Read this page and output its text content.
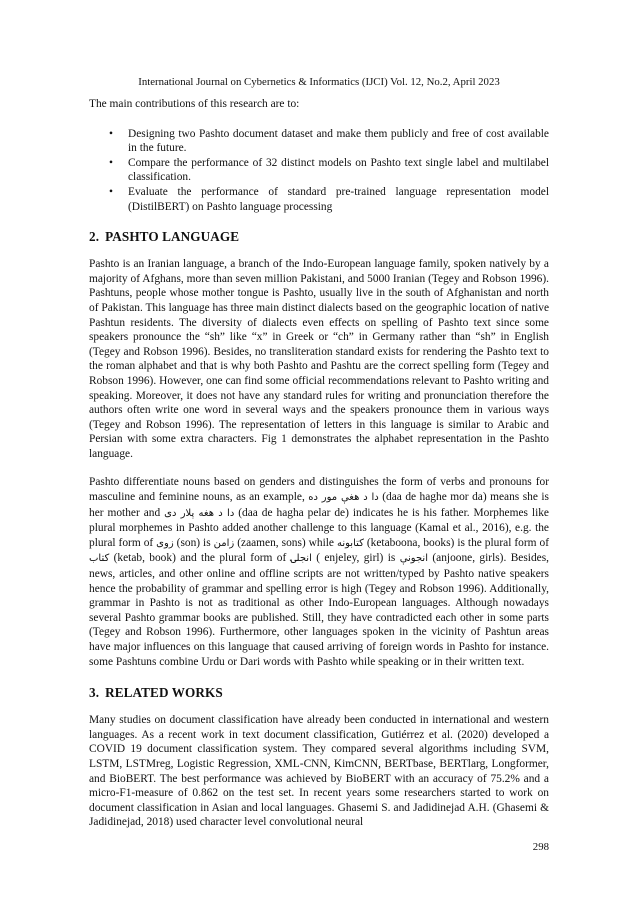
International Journal on Cybernetics & Informatics (IJCI) Vol. 12, No.2, April 2023

The main contributions of this research are to:

• Designing two Pashto document dataset and make them publicly and free of cost available in the future.
• Compare the performance of 32 distinct models on Pashto text single label and multilabel classification.
• Evaluate the performance of standard pre-trained language representation model (DistilBERT) on Pashto language processing
2. PASHTO LANGUAGE

Pashto is an Iranian language, a branch of the Indo-European language family, spoken natively by a majority of Afghans, more than seven million Pakistani, and 5000 Iranian (Tegey and Robson 1996). Pashtuns, people whose mother tongue is Pashto, usually live in the south of Afghanistan and north of Pakistan. This language has three main distinct dialects based on the geographic location of native Pashtun residents. The diversity of dialects even effects on spelling of Pashto text since some speakers pronounce the “sh” like “x” in Greek or “ch” in Germany rather than “sh” in English (Tegey and Robson 1996). Besides, no transliteration standard exists for rendering the Pashto text to the roman alphabet and that is why both Pashto and Pashtu are the correct spelling form (Tegey and Robson 1996). However, one can find some official recommendations relevant to Pashto writing and speaking. Moreover, it does not have any standard rules for writing and pronunciation therefore the authors often write one word in several ways and the speakers pronounce them in various ways (Tegey and Robson 1996). The representation of letters in this language is similar to Arabic and Persian with some extra characters. Fig 1 demonstrates the alphabet representation in the Pashto language.

Pashto differentiate nouns based on genders and distinguishes the form of verbs and pronouns for masculine and feminine nouns, as an example, دا د هغې مور ده (daa de haghe mor da) means she is her mother and دا د هغه پلار دی (daa de hagha pelar de) indicates he is his father. Morphemes like plural morphemes in Pashto added another challenge to this language (Kamal et al., 2016), e.g. the plural form of زوی (son) is زامن (zaamen, sons) while کتابونه (ketaboona, books) is the plural form of کتاب (ketab, book) and the plural form of انجلۍ ( enjeley, girl) is انجونې (anjoone, girls). Besides, news, articles, and other online and offline scripts are not written/typed by Pashto native speakers hence the probability of grammar and spelling error is high (Tegey and Robson 1996). Additionally, grammar in Pashto is not as traditional as other Indo-European languages. Although nowadays several Pashto grammar books are published. Still, they have contradicted each other in some parts (Tegey and Robson 1996). Furthermore, other languages spoken in the vicinity of Pashtun areas have major influences on this language that caused arriving of foreign words in Pashto for instance. some Pashtuns combine Urdu or Dari words with Pashto while speaking or in their written text.

3. RELATED WORKS

Many studies on document classification have already been conducted in international and western languages. As a recent work in text document classification, Gutiérrez et al. (2020) developed a COVID 19 document classification system. They compared several algorithms including SVM, LSTM, LSTMreg, Logistic Regression, XML-CNN, KimCNN, BERTbase, BERTlarg, Longformer, and BioBERT. The best performance was achieved by BioBERT with an accuracy of 75.2% and a micro-F1-measure of 0.862 on the test set. In recent years some researchers started to work on document classification in Asian and local languages. Ghasemi S. and Jadidinejad A.H. (Ghasemi & Jadidinejad, 2018) used character level convolutional neural

298
